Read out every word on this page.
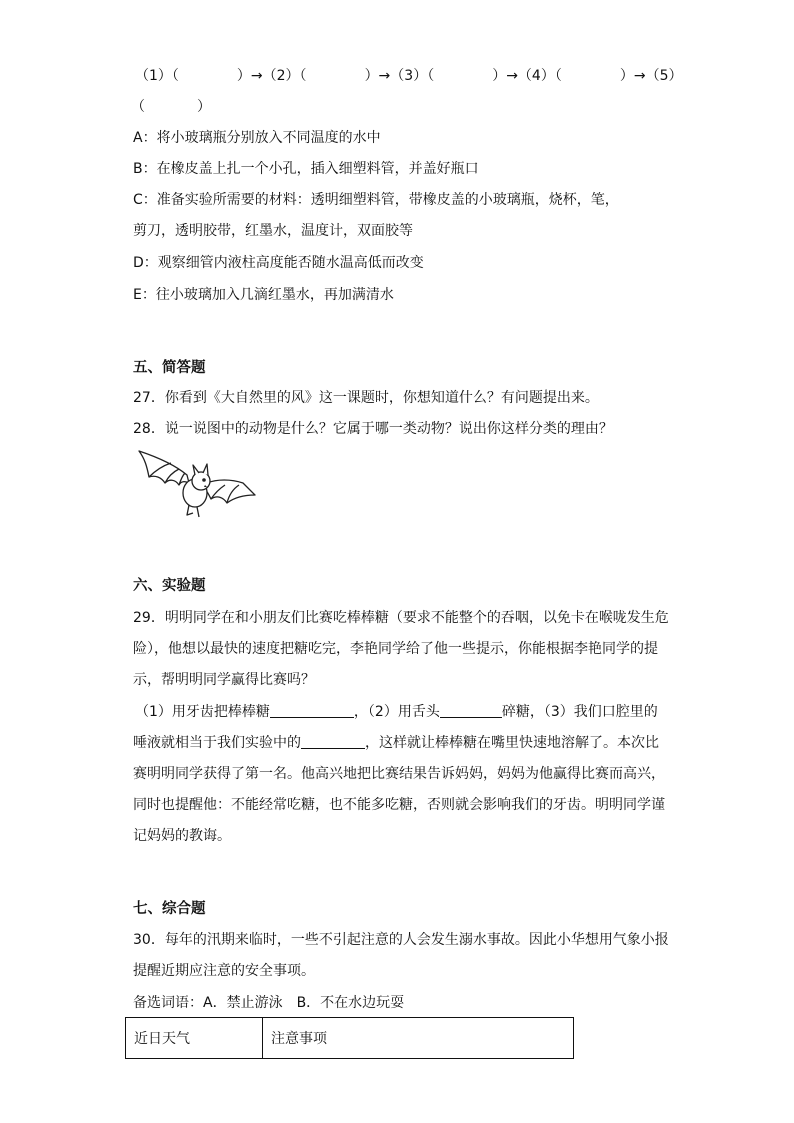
（1）（	）→（2）（	）→（3）（	）→（4）（	）→（5）
（	）
A：将小玻璃瓶分别放入不同温度的水中
B：在橡皮盖上扎一个小孔，插入细塑料管，并盖好瓶口
C：准备实验所需要的材料：透明细塑料管，带橡皮盖的小玻璃瓶，烧杯，笔，
剪刀，透明胶带，红墨水，温度计，双面胶等
D：观察细管内液柱高度能否随水温高低而改变
E：往小玻璃加入几滴红墨水，再加满清水
五、简答题
27．你看到《大自然里的风》这一课题时，你想知道什么？有问题提出来。
28．说一说图中的动物是什么？它属于哪一类动物？说出你这样分类的理由？
六、实验题
29．明明同学在和小朋友们比赛吃棒棒糖（要求不能整个的吞咽，以免卡在喉咙发生危
险），他想以最快的速度把糖吃完，李艳同学给了他一些提示，你能根据李艳同学的提
示，帮明明同学赢得比赛吗？
（1）用牙齿把棒棒糖	，（2）用舌头	碎糖，（3）我们口腔里的
唾液就相当于我们实验中的	，这样就让棒棒糖在嘴里快速地溶解了。本次比
赛明明同学获得了第一名。他高兴地把比赛结果告诉妈妈，妈妈为他赢得比赛而高兴，
同时也提醒他：不能经常吃糖，也不能多吃糖，否则就会影响我们的牙齿。明明同学谨
记妈妈的教诲。
七、综合题
30．每年的汛期来临时，一些不引起注意的人会发生溺水事故。因此小华想用气象小报
提醒近期应注意的安全事项。
备选词语：A．禁止游泳　B．不在水边玩耍
近日天气	注意事项
